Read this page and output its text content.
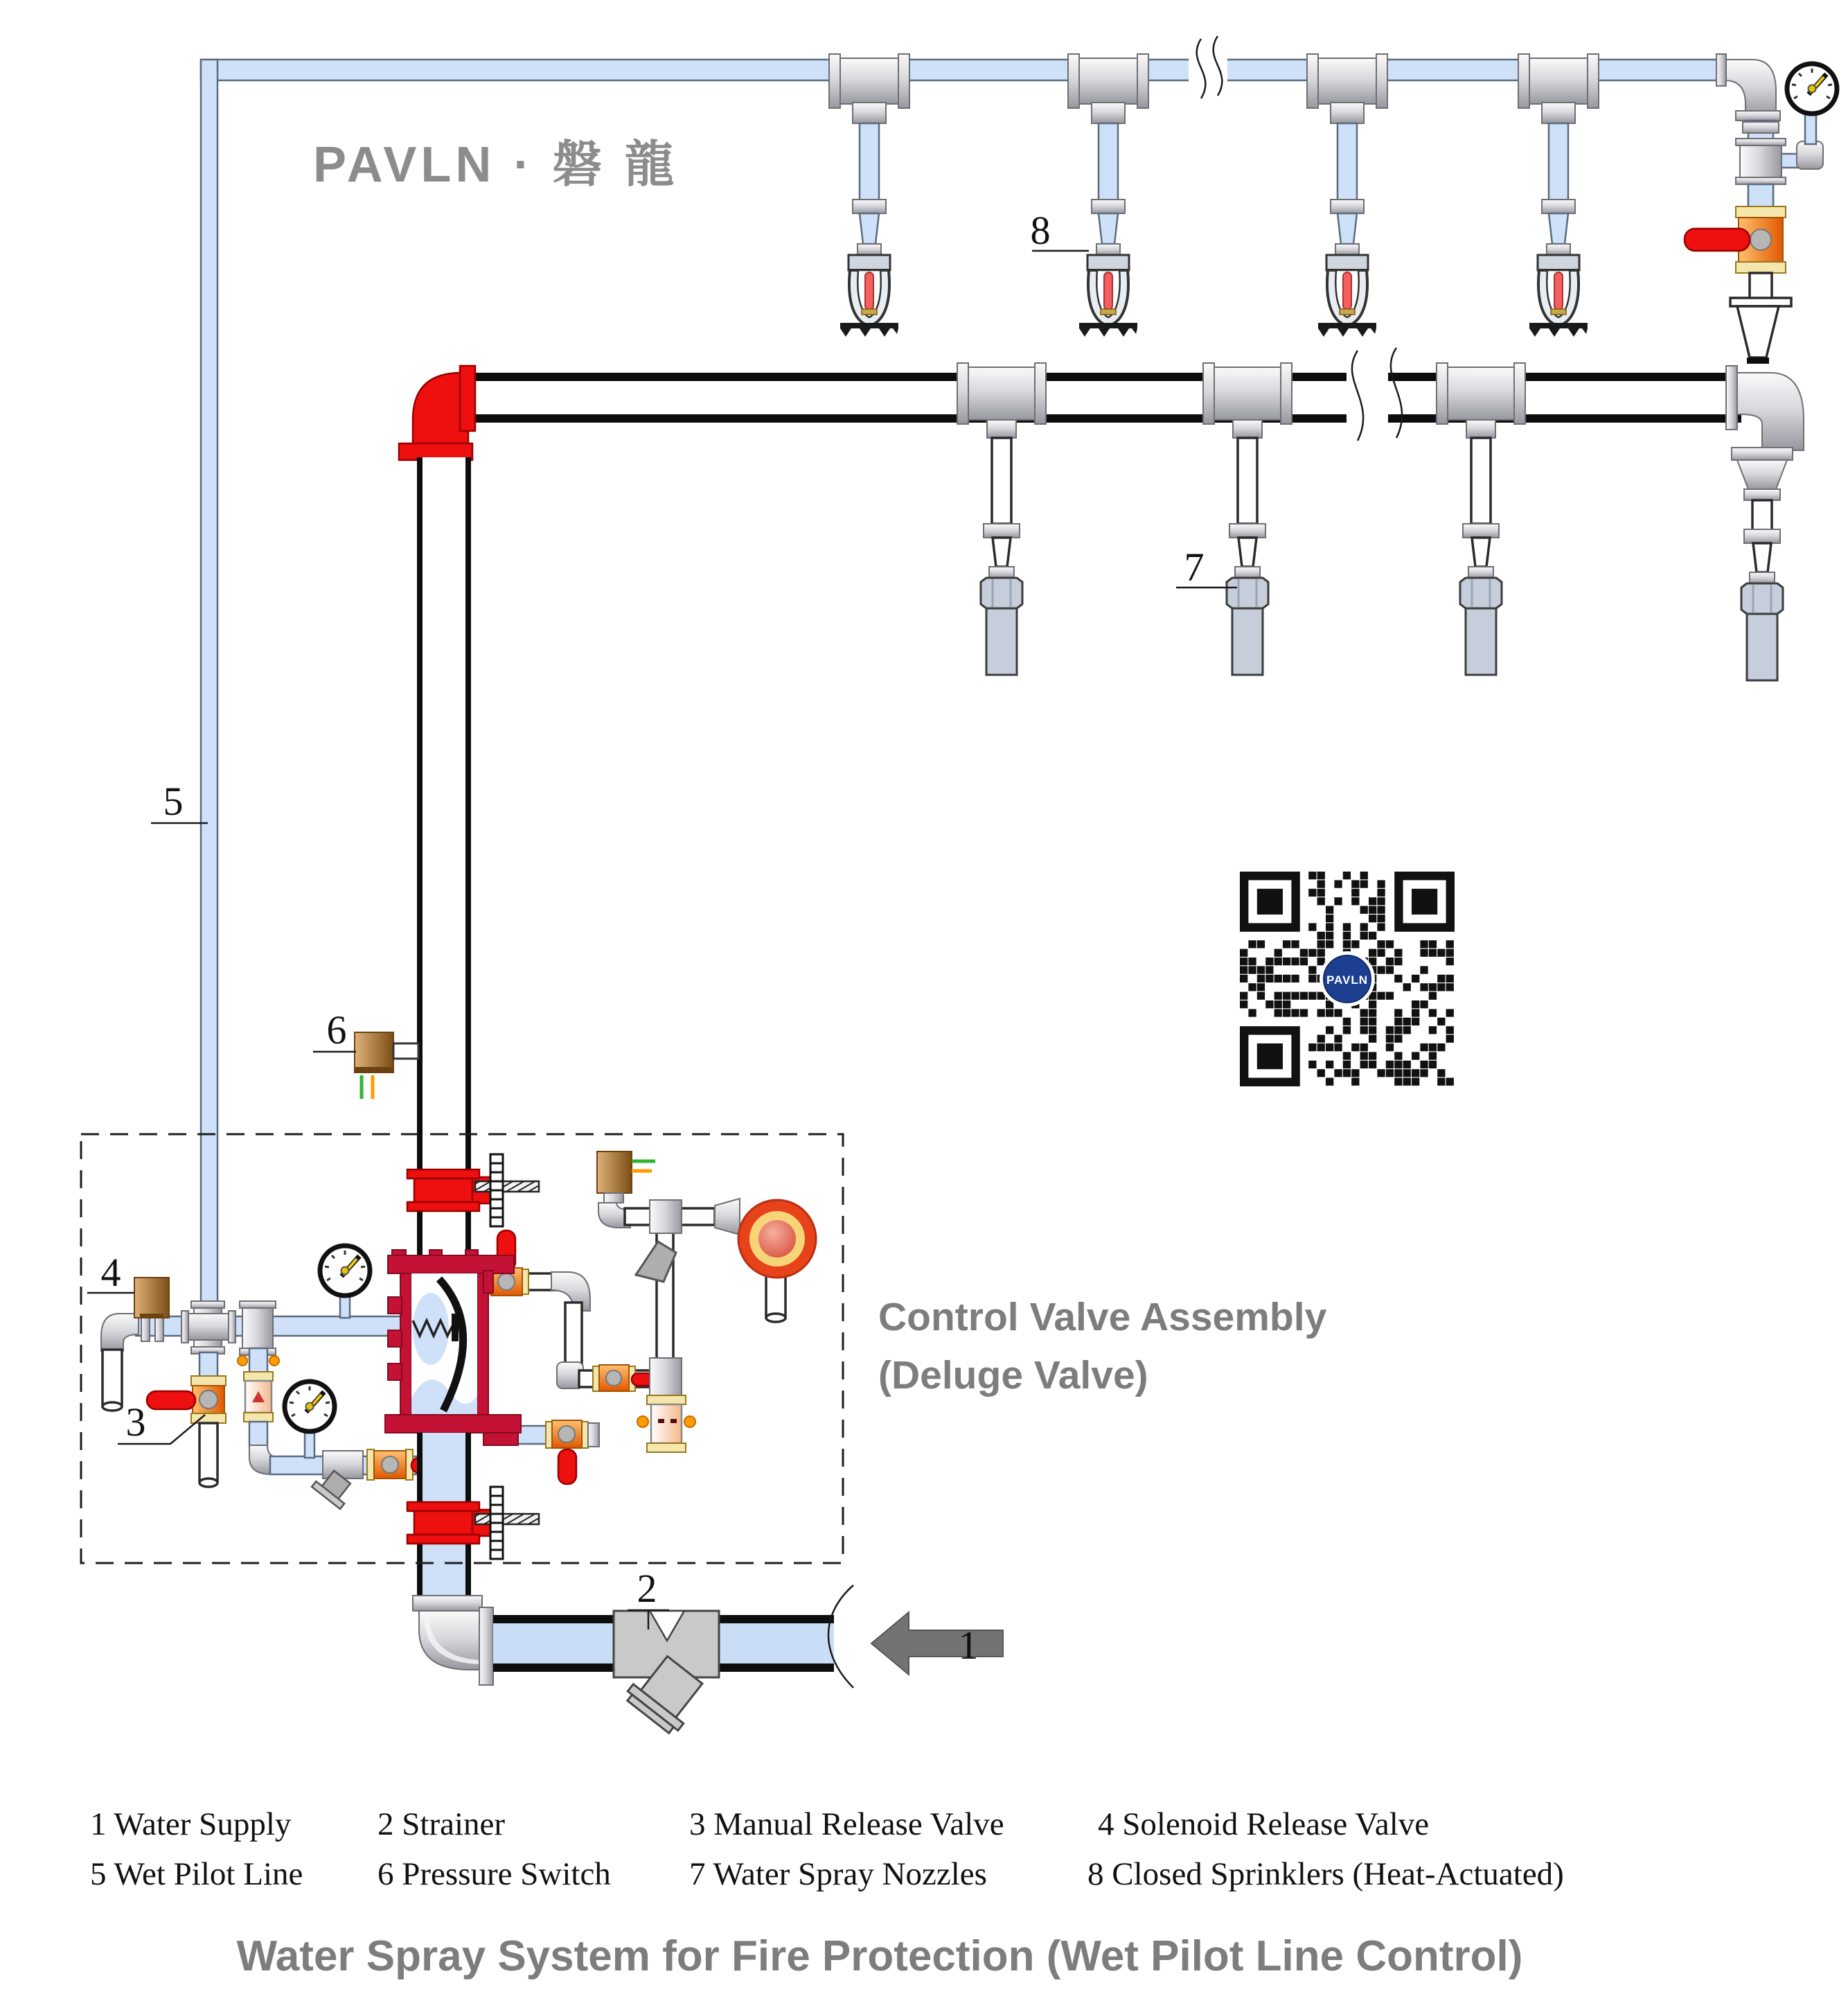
PAVLN
8
7
5
6
4
3
2
1
PAVLN · 磐 龍
Control Valve Assembly
(Deluge Valve)
1 Water Supply	2 Strainer	3 Manual Release Valve	4 Solenoid Release Valve
5 Wet Pilot Line 6 Pressure Switch 7 Water Spray Nozzles	8 Closed Sprinklers (Heat-Actuated)
Water Spray System for Fire Protection (Wet Pilot Line Control)
